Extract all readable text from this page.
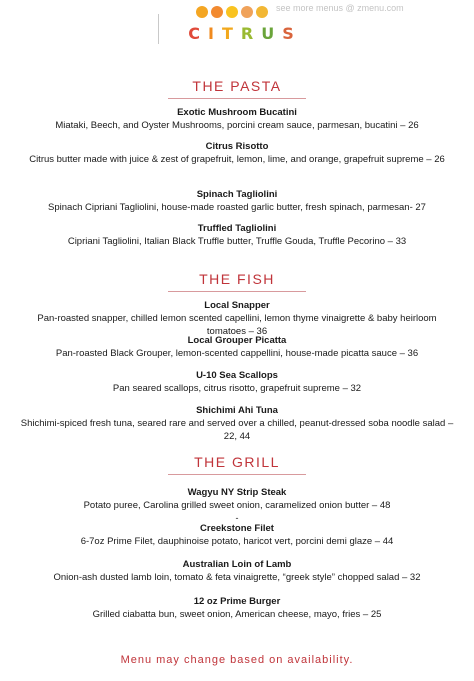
see more menus @ zmenu.com
CITRUS
THE PASTA
Exotic Mushroom Bucatini
Miataki, Beech, and Oyster Mushrooms, porcini cream sauce, parmesan, bucatini – 26
Citrus Risotto
Citrus butter made with juice & zest of grapefruit, lemon, lime, and orange, grapefruit supreme – 26
Spinach Tagliolini
Spinach Cipriani Tagliolini, house-made roasted garlic butter, fresh spinach, parmesan- 27
Truffled Tagliolini
Cipriani Tagliolini, Italian Black Truffle butter, Truffle Gouda, Truffle Pecorino – 33
THE FISH
Local Snapper
Pan-roasted snapper, chilled lemon scented capellini, lemon thyme vinaigrette & baby heirloom tomatoes – 36
Local Grouper Picatta
Pan-roasted Black Grouper, lemon-scented cappellini, house-made picatta sauce – 36
U-10 Sea Scallops
Pan seared scallops, citrus risotto, grapefruit supreme – 32
Shichimi Ahi Tuna
Shichimi-spiced fresh tuna, seared rare and served over a chilled, peanut-dressed soba noodle salad – 22, 44
THE GRILL
Wagyu NY Strip Steak
Potato puree, Carolina grilled sweet onion, caramelized onion butter – 48
-
Creekstone Filet
6-7oz Prime Filet, dauphinoise potato, haricot vert, porcini demi glaze – 44
Australian Loin of Lamb
Onion-ash dusted lamb loin, tomato & feta vinaigrette, “greek style” chopped salad – 32
12 oz Prime Burger
Grilled ciabatta bun, sweet onion, American cheese, mayo, fries – 25
Menu may change based on availability.
